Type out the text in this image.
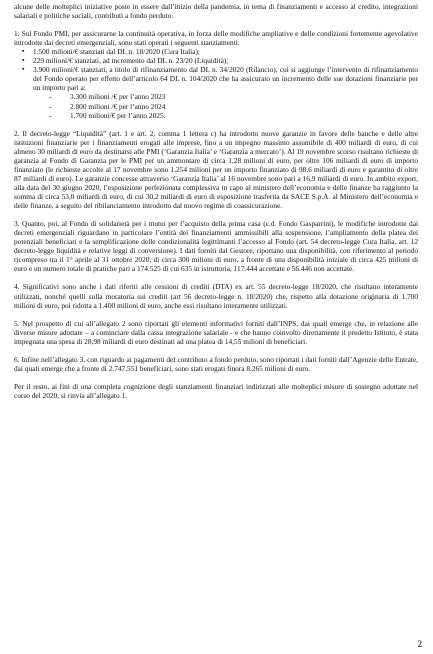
alcune delle molteplici iniziative poste in essere dall’inizio della pandemia, in tema di finanziamenti e accesso al credito, integrazioni salariali e politiche sociali, contributi a fondo perduto.

1. Sul Fondo PMI, per assicurarne la continuità operativa, in forza delle modifiche ampliative e delle condizioni fortemente agevolative introdotte dai decreti emergenziali, sono stati operati i seguenti stanziamenti:

▪ 1.500 milioni/€ stanziati dal DL n. 18/2020 (Cura Italia);
▪ 229 milioni/€ stanziati, ad incremento dal DL n. 23/20 (Liquidità);
▪ 3.900 milioni/€ stanziati, a titolo di rifinanziamento dal DL n. 34/2020 (Rilancio), cui si aggiunge l’intervento di rifinanziamento del Fondo operato per effetto dell’articolo 64 DL n. 104/2020 che ha assicurato un incremento delle sue dotazioni finanziarie per un importo pari a:
- 3.300 milioni /€ per l’anno 2023
- 2.800 milioni /€ per l’anno 2024
- 1.700 milioni/€ per l’anno 2025.

2. Il decreto-legge “Liquidità” (art. 1 e art. 2, comma 1 lettera c) ha introdotto nuove garanzie in favore delle banche e delle altre istituzioni finanziarie per i finanziamenti erogati alle imprese, fino a un impegno massimo assumibile di 400 miliardi di euro, di cui almeno 30 miliardi di euro da destinarsi alle PMI (‘Garanzia Italia’ e ‘Garanzia a mercato’). Al 19 novembre scorso risultano richieste di garanzia al Fondo di Garanzia per le PMI per un ammontare di circa 1,28 milioni di euro, per oltre 106 miliardi di euro di importo finanziato (le richieste accolte al 17 novembre sono 1,254 milioni per un importo finanziato di 98,6 miliardi di euro e garantito di oltre 87 miliardi di euro). Le garanzie concesse attraverso ‘Garanzia Italia’ al 16 novembre sono pari a 16,9 miliardi di euro. In ambito export, alla data del 30 giugno 2020, l’esposizione perfezionata complessiva in capo al ministero dell’economia e delle finanze ha raggiunto la somma di circa 53,0 miliardi di euro, di cui 30,2 miliardi di euro di esposizione trasferita da SACE S.p.A. al Ministero dell’economia e delle finanze, a seguito del ribilanciamento introdotto dal nuovo regime di coassicurazione.

3. Quanto, poi, al Fondo di solidarietà per i mutui per l’acquisto della prima casa (c.d. Fondo Gasparrini), le modifiche introdotte dai decreti emergenziali riguardano in particolare l’entità dei finanziamenti ammissibili alla sospensione, l’ampliamento della platea dei potenziali beneficiari e la semplificazione delle condizionalità legittimanti l’accesso al Fondo (art. 54 decreto-legge Cura Italia, art. 12 decreto-legge liquidità e relative leggi di conversione). I dati forniti dal Gestore, riportano una disponibilità, con riferimento al periodo ricompreso tra il 1° aprile al 31 ottobre 2020, di circa 300 milioni di euro, a fronte di una disponibilità iniziale di circa 425 milioni di euro e un numero totale di pratiche pari a 174.525 di cui 635 in istruttoria, 117.444 accettate e 56.446 non accettate.

4. Significativi sono anche i dati riferiti alle cessioni di crediti (DTA) ex art. 55 decreto-legge 18/2020, che risultano interamente utilizzati, nonché quelli sulla moratoria sui crediti (art 56 decreto-legge n. 18/2020) che, rispetto alla dotazione originaria di 1.700 milioni di euro, poi ridotta a 1.400 milioni di euro, anche essi risultano interamente utilizzati.

5. Nel prospetto di cui all’allegato 2 sono riportati gli elementi informativi forniti dall’INPS, dai quali emerge che, in relazione alle diverse misure adottate – a cominciare dalla cassa integrazione salariale - e che hanno coinvolto direttamente il predetto Istituto, è stata impegnata una spesa di 28,98 miliardi di euro destinati ad una platea di 14,55 milioni di beneficiari.

6. Infine nell’allegato 3, con riguardo ai pagamenti del contributo a fondo perduto, sono riportati i dati forniti dall’Agenzie delle Entrate, dai quali emerge che a fronte di 2.747.551 beneficiari, sono stati erogati finora 8.265 milioni di euro.

Per il resto, ai fini di una completa cognizione degli stanziamenti finanziari indirizzati alle molteplici misure di sostegno adottate nel corso del 2020, si rinvia all’allegato 1.

2
